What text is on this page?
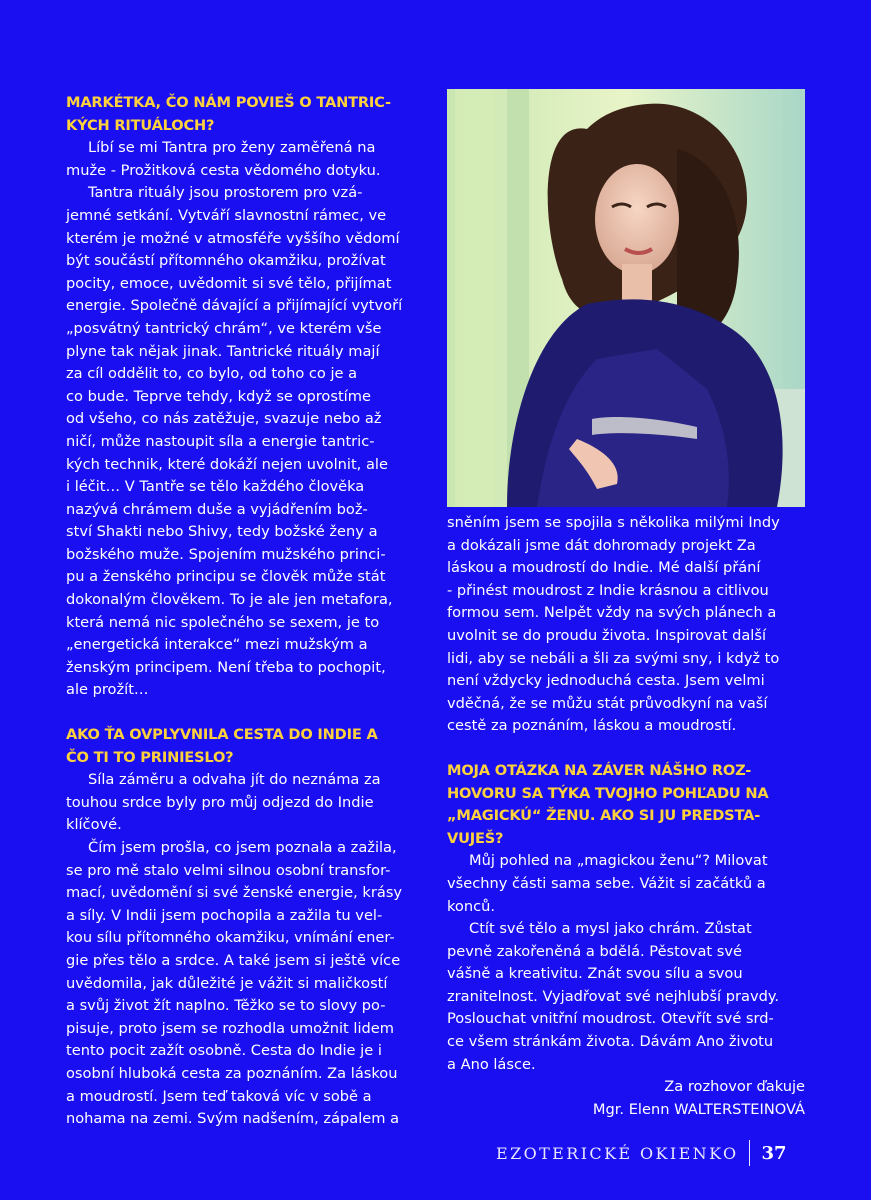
MARKÉTKA, ČO NÁM POVIEŠ O TANTRIC-
KÝCH RITUÁLOCH?
Líbí se mi Tantra pro ženy zaměřená na
muže - Prožitková cesta vědomého dotyku.
Tantra rituály jsou prostorem pro vzá-
jemné setkání. Vytváří slavnostní rámec, ve
kterém je možné v atmosféře vyššího vědomí
být součástí přítomného okamžiku, prožívat
pocity, emoce, uvědomit si své tělo, přijímat
energie. Společně dávající a přijímající vytvoří
„posvátný tantrický chrám“, ve kterém vše
plyne tak nějak jinak. Tantrické rituály mají
za cíl oddělit to, co bylo, od toho co je a
co bude. Teprve tehdy, když se oprostíme
od všeho, co nás zatěžuje, svazuje nebo až
ničí, může nastoupit síla a energie tantric-
kých technik, které dokáží nejen uvolnit, ale
i léčit… V Tantře se tělo každého člověka
nazývá chrámem duše a vyjádřením bož-
ství Shakti nebo Shivy, tedy božské ženy a
božského muže. Spojením mužského princi-
pu a ženského principu se člověk může stát
dokonalým člověkem. To je ale jen metafora,
která nemá nic společného se sexem, je to
„energetická interakce“ mezi mužským a
ženským principem. Není třeba to pochopit,
ale prožít…
AKO ŤA OVPLYVNILA CESTA DO INDIE A
ČO TI TO PRINIESLO?
Síla záměru a odvaha jít do neznáma za
touhou srdce byly pro můj odjezd do Indie
klíčové.
Čím jsem prošla, co jsem poznala a zažila,
se pro mě stalo velmi silnou osobní transfor-
mací, uvědomění si své ženské energie, krásy
a síly. V Indii jsem pochopila a zažila tu vel-
kou sílu přítomného okamžiku, vnímání ener-
gie přes tělo a srdce. A také jsem si ještě více
uvědomila, jak důležité je vážit si maličkostí
a svůj život žít naplno. Těžko se to slovy po-
pisuje, proto jsem se rozhodla umožnit lidem
tento pocit zažít osobně. Cesta do Indie je i
osobní hluboká cesta za poznáním. Za láskou
a moudrostí. Jsem teď taková víc v sobě a
nohama na zemi. Svým nadšením, zápalem a
sněním jsem se spojila s několika milými Indy
a dokázali jsme dát dohromady projekt Za
láskou a moudrostí do Indie. Mé další přání
- přinést moudrost z Indie krásnou a citlivou
formou sem. Nelpět vždy na svých plánech a
uvolnit se do proudu života. Inspirovat další
lidi, aby se nebáli a šli za svými sny, i když to
není vždycky jednoduchá cesta. Jsem velmi
vděčná, že se můžu stát průvodkyní na vaší
cestě za poznáním, láskou a moudrostí.
MOJA OTÁZKA NA ZÁVER NÁŠHO ROZ-
HOVORU SA TÝKA TVOJHO POHĽADU NA
„MAGICKÚ“ ŽENU. AKO SI JU PREDSTA-
VUJEŠ?
Můj pohled na „magickou ženu“? Milovat
všechny části sama sebe. Vážit si začátků a
konců.
Ctít své tělo a mysl jako chrám. Zůstat
pevně zakořeněná a bdělá. Pěstovat své
vášně a kreativitu. Znát svou sílu a svou
zranitelnost. Vyjadřovat své nejhlubší pravdy.
Poslouchat vnitřní moudrost. Otevřít své srd-
ce všem stránkám života. Dávám Ano životu
a Ano lásce.
Za rozhovor ďakuje
Mgr. Elenn WALTERSTEINOVÁ
EZOTERICKÉ OKIENKO 37
